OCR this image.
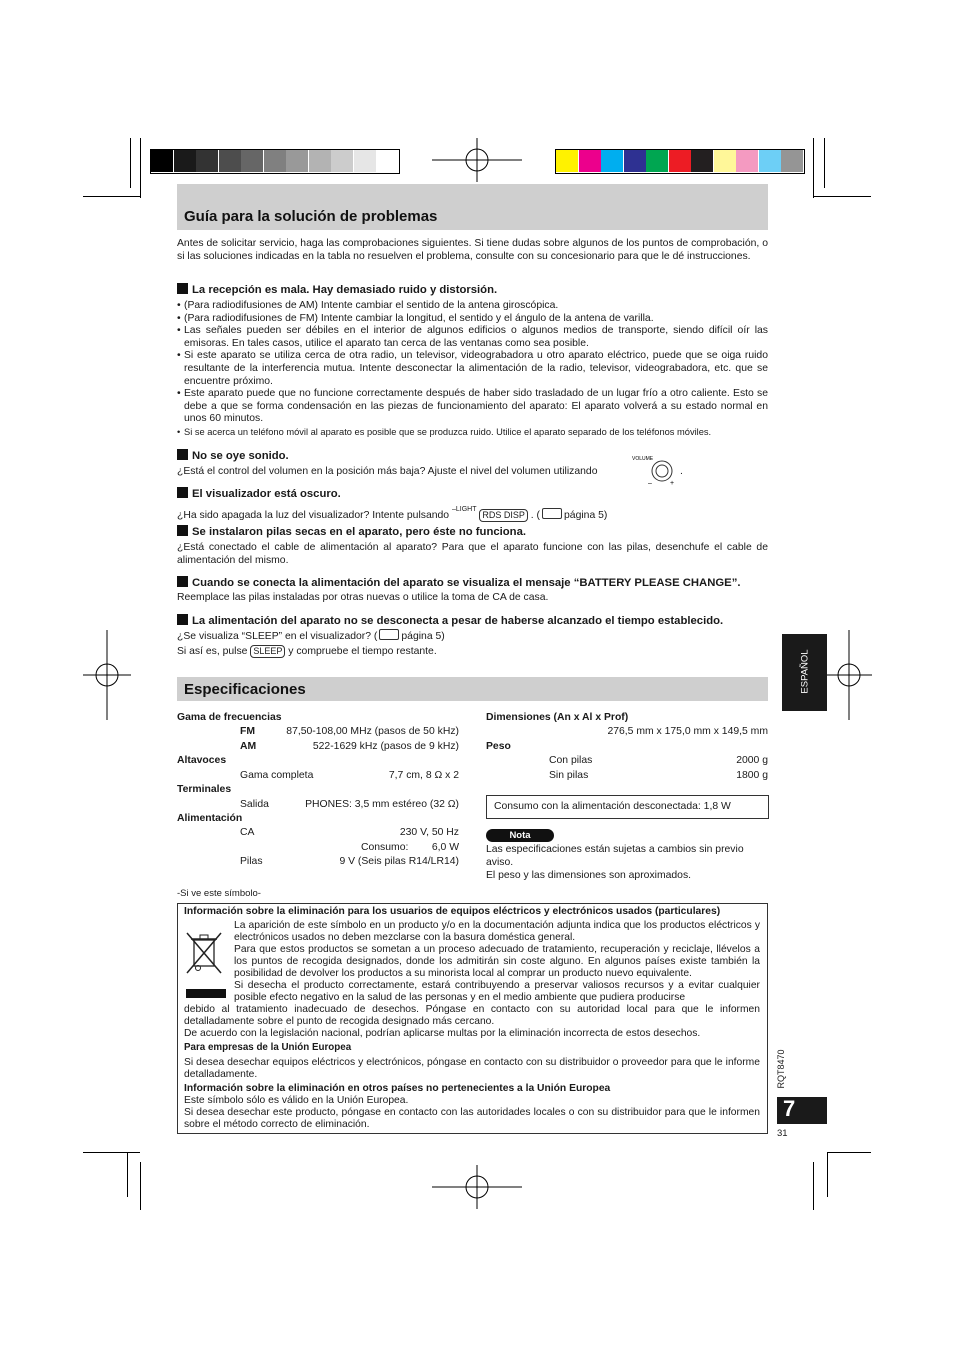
Guía para la solución de problemas
Antes de solicitar servicio, haga las comprobaciones siguientes. Si tiene dudas sobre algunos de los puntos de comprobación, o si las soluciones indicadas en la tabla no resuelven el problema, consulte con su concesionario para que le dé instrucciones.
La recepción es mala. Hay demasiado ruido y distorsión.
• (Para radiodifusiones de AM) Intente cambiar el sentido de la antena giroscópica.
• (Para radiodifusiones de FM) Intente cambiar la longitud, el sentido y el ángulo de la antena de varilla.
• Las señales pueden ser débiles en el interior de algunos edificios o algunos medios de transporte, siendo difícil oír las emisoras. En tales casos, utilice el aparato tan cerca de las ventanas como sea posible.
• Si este aparato se utiliza cerca de otra radio, un televisor, videograbadora u otro aparato eléctrico, puede que se oiga ruido resultante de la interferencia mutua. Intente desconectar la alimentación de la radio, televisor, videograbadora, etc. que se encuentre próximo.
• Este aparato puede que no funcione correctamente después de haber sido trasladado de un lugar frío a otro caliente. Esto se debe a que se forma condensación en las piezas de funcionamiento del aparato: El aparato volverá a su estado normal en unos 60 minutos.
• Si se acerca un teléfono móvil al aparato es posible que se produzca ruido. Utilice el aparato separado de los teléfonos móviles.
No se oye sonido.
¿Está el control del volumen en la posición más baja? Ajuste el nivel del volumen utilizando
VOLUME
–	+
.
El visualizador está oscuro.
¿Ha sido apagada la luz del visualizador? Intente pulsando $^{-LIGHT}$ RDS DISP . ( página 5)
Se instalaron pilas secas en el aparato, pero éste no funciona.
¿Está conectado el cable de alimentación al aparato? Para que el aparato funcione con las pilas, desenchufe el cable de alimentación del mismo.
Cuando se conecta la alimentación del aparato se visualiza el mensaje “BATTERY PLEASE CHANGE”.
Reemplace las pilas instaladas por otras nuevas o utilice la toma de CA de casa.
La alimentación del aparato no se desconecta a pesar de haberse alcanzado el tiempo establecido.
¿Se visualiza “SLEEP” en el visualizador? ( página 5)
Si así es, pulse SLEEP y compruebe el tiempo restante.
Especificaciones
Gama de frecuencias
FM	87,50-108,00 MHz (pasos de 50 kHz)
AM	522-1629 kHz (pasos de 9 kHz)
Altavoces
Gama completa	7,7 cm, 8 Ω x 2
Terminales
Salida	PHONES: 3,5 mm estéreo (32 Ω)
Alimentación
CA	230 V, 50 Hz
Consumo: 6,0 W
Pilas	9 V (Seis pilas R14/LR14)
Dimensiones (An x Al x Prof)
276,5 mm x 175,0 mm x 149,5 mm
Peso
Con pilas	2000 g
Sin pilas	1800 g
Consumo con la alimentación desconectada: 1,8 W
Nota
Las especificaciones están sujetas a cambios sin previo aviso.
El peso y las dimensiones son aproximados.
-Si ve este símbolo-
Información sobre la eliminación para los usuarios de equipos eléctricos y electrónicos usados (particulares)
La aparición de este símbolo en un producto y/o en la documentación adjunta indica que los productos eléctricos y electrónicos usados no deben mezclarse con la basura doméstica general.
Para que estos productos se sometan a un proceso adecuado de tratamiento, recuperación y reciclaje, llévelos a los puntos de recogida designados, donde los admitirán sin coste alguno. En algunos países existe también la posibilidad de devolver los productos a su minorista local al comprar un producto nuevo equivalente.
Si desecha el producto correctamente, estará contribuyendo a preservar valiosos recursos y a evitar cualquier posible efecto negativo en la salud de las personas y en el medio ambiente que pudiera producirse
debido al tratamiento inadecuado de desechos. Póngase en contacto con su autoridad local para que le informen detalladamente sobre el punto de recogida designado más cercano.
De acuerdo con la legislación nacional, podrían aplicarse multas por la eliminación incorrecta de estos desechos.
Para empresas de la Unión Europea
Si desea desechar equipos eléctricos y electrónicos, póngase en contacto con su distribuidor o proveedor para que le informe detalladamente.
Información sobre la eliminación en otros países no pertenecientes a la Unión Europea
Este símbolo sólo es válido en la Unión Europea.
Si desea desechar este producto, póngase en contacto con las autoridades locales o con su distribuidor para que le informen sobre el método correcto de eliminación.
ESPAÑOL
RQT8470
7
31
